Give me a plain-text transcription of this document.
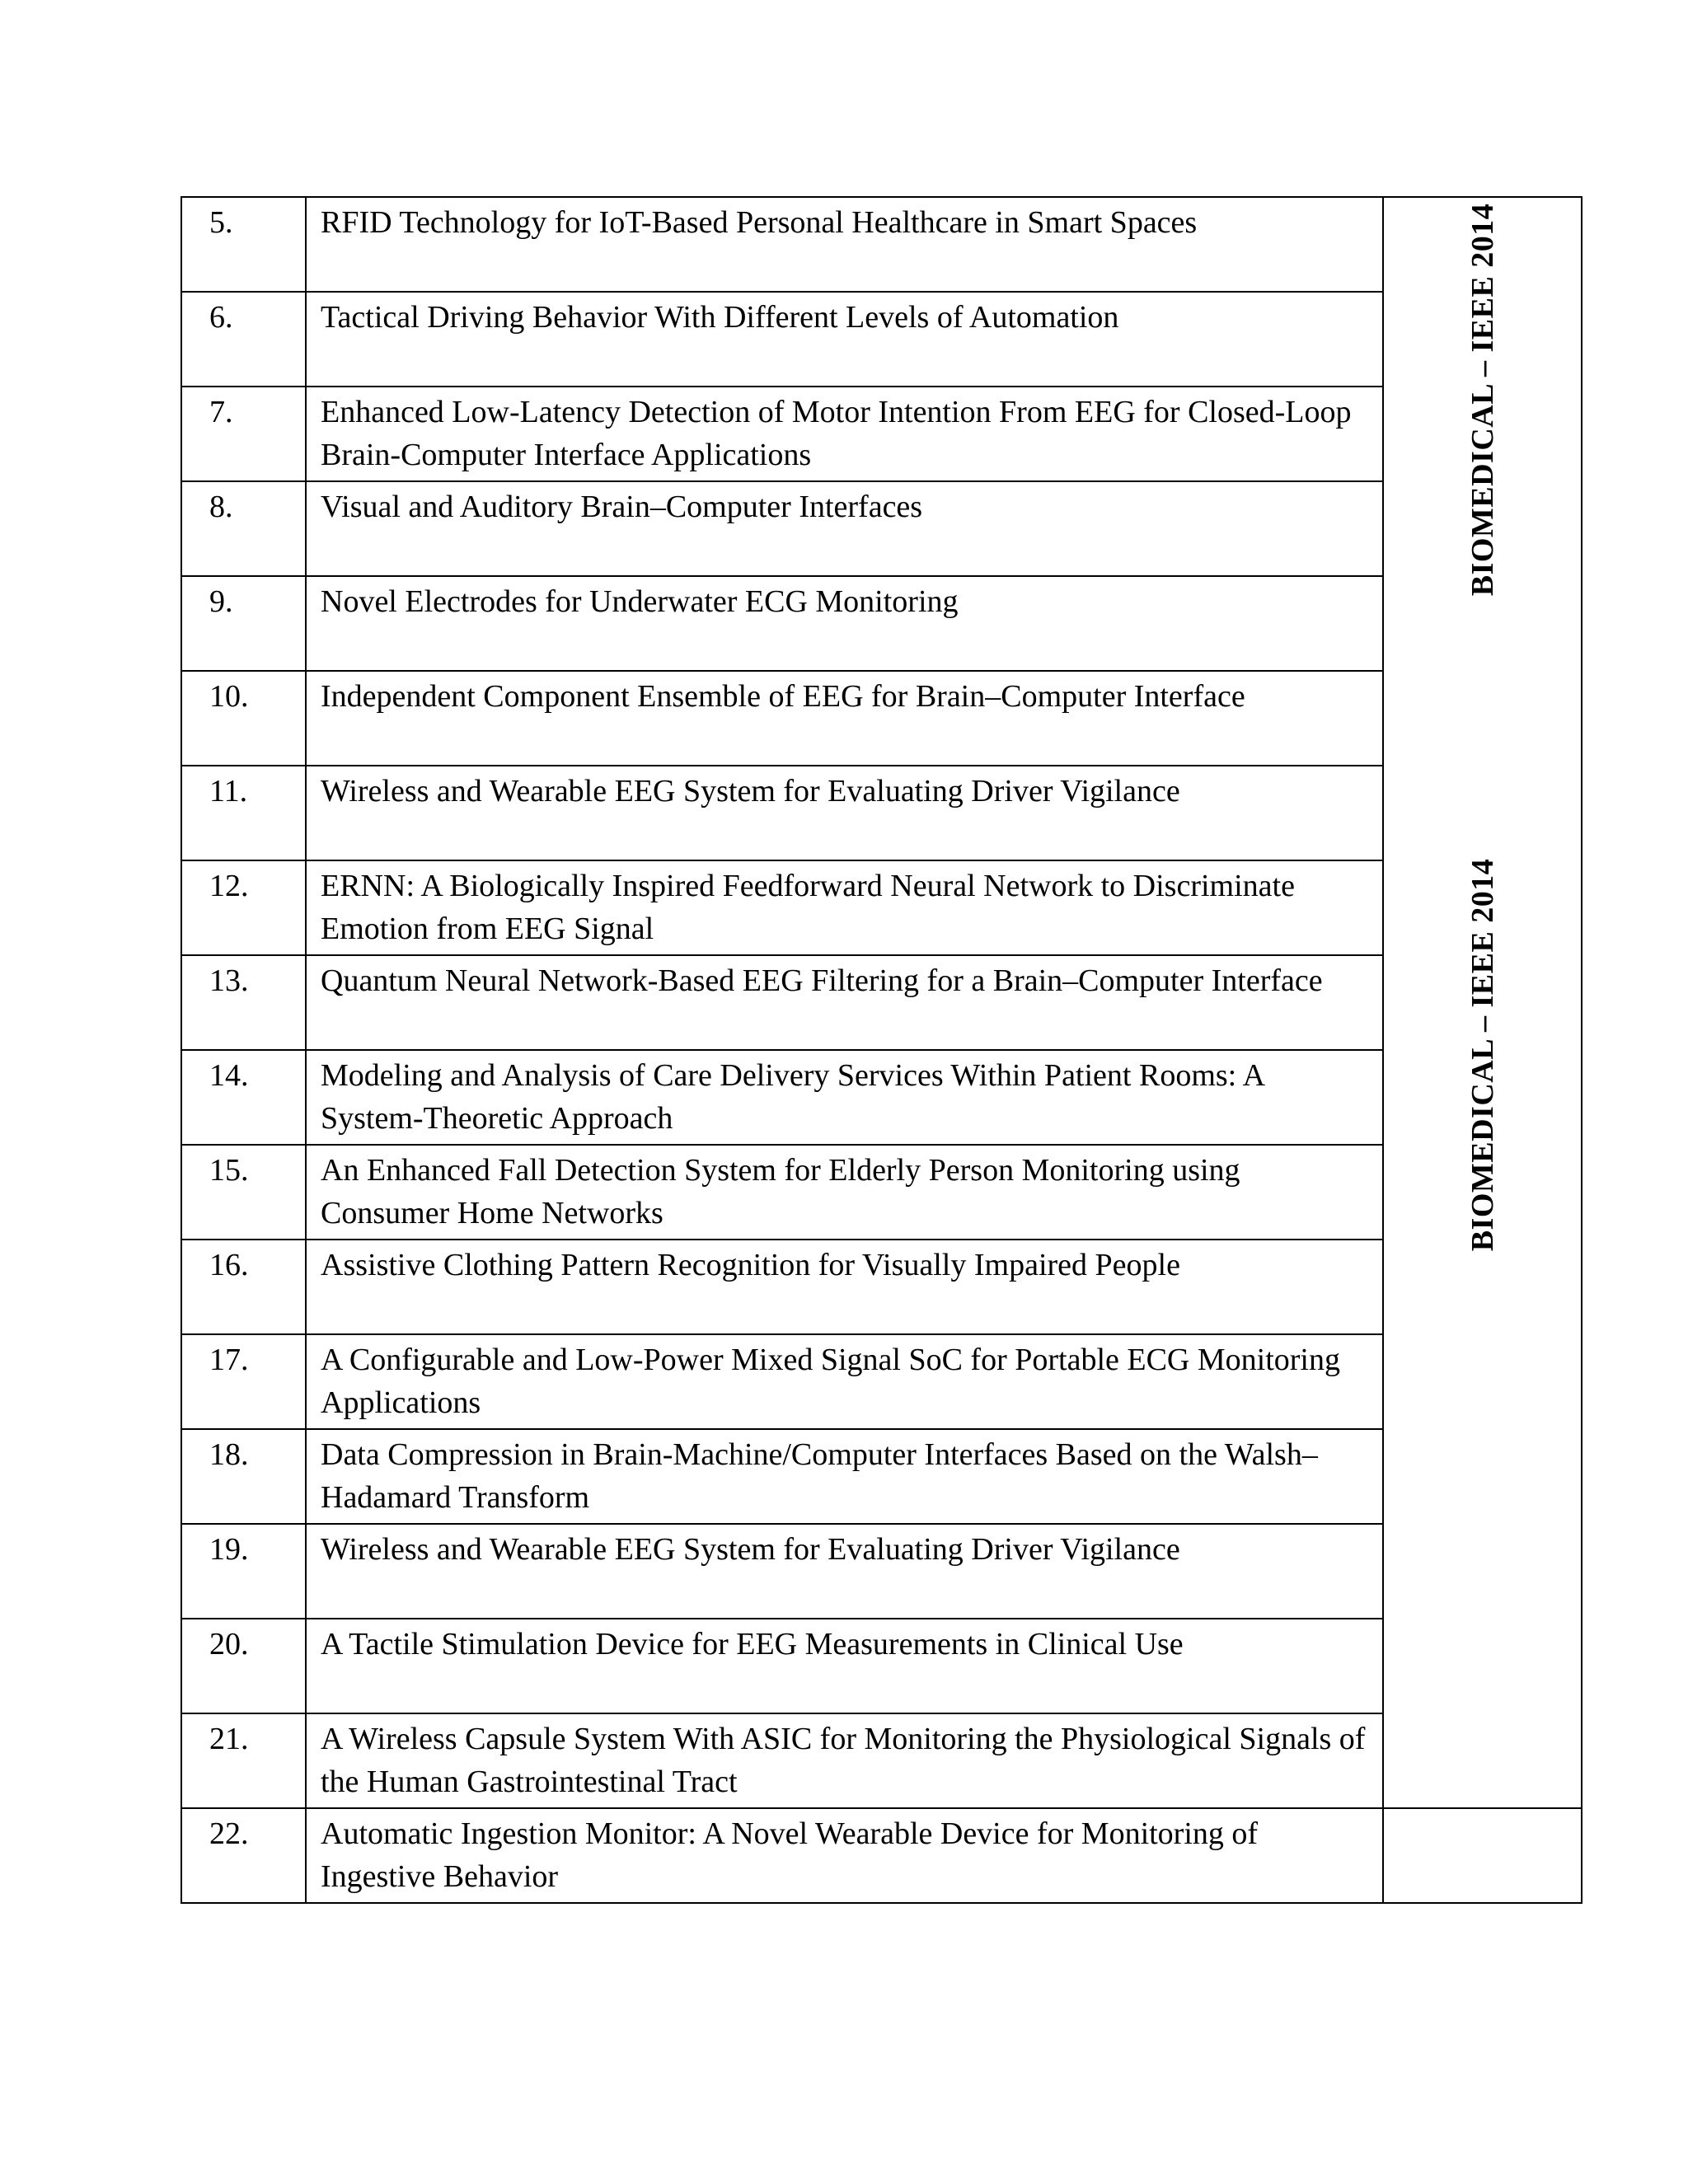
5.	RFID Technology for IoT-Based Personal Healthcare in Smart Spaces	BIOMEDICAL – IEEE 2014
BIOMEDICAL – IEEE 2014

6.	Tactical Driving Behavior With Different Levels of Automation	
7.	Enhanced Low-Latency Detection of Motor Intention From EEG for Closed-Loop Brain-Computer Interface Applications	
8.	Visual and Auditory Brain–Computer Interfaces	
9.	Novel Electrodes for Underwater ECG Monitoring	
10.	Independent Component Ensemble of EEG for Brain–Computer Interface	
11.	Wireless and Wearable EEG System for Evaluating Driver Vigilance	
12.	ERNN: A Biologically Inspired Feedforward Neural Network to Discriminate Emotion from EEG Signal	
13.	Quantum Neural Network-Based EEG Filtering for a Brain–Computer Interface	
14.	Modeling and Analysis of Care Delivery Services Within Patient Rooms: A System-Theoretic Approach	
15.	An Enhanced Fall Detection System for Elderly Person Monitoring using Consumer Home Networks	
16.	Assistive Clothing Pattern Recognition for Visually Impaired People	
17.	A Configurable and Low-Power Mixed Signal SoC for Portable ECG Monitoring Applications	
18.	Data Compression in Brain-Machine/Computer Interfaces Based on the Walsh–Hadamard Transform	
19.	Wireless and Wearable EEG System for Evaluating Driver Vigilance	
20.	A Tactile Stimulation Device for EEG Measurements in Clinical Use	
21.	A Wireless Capsule System With ASIC for Monitoring the Physiological Signals of the Human Gastrointestinal Tract	
22.	Automatic Ingestion Monitor: A Novel Wearable Device for Monitoring of Ingestive Behavior	
